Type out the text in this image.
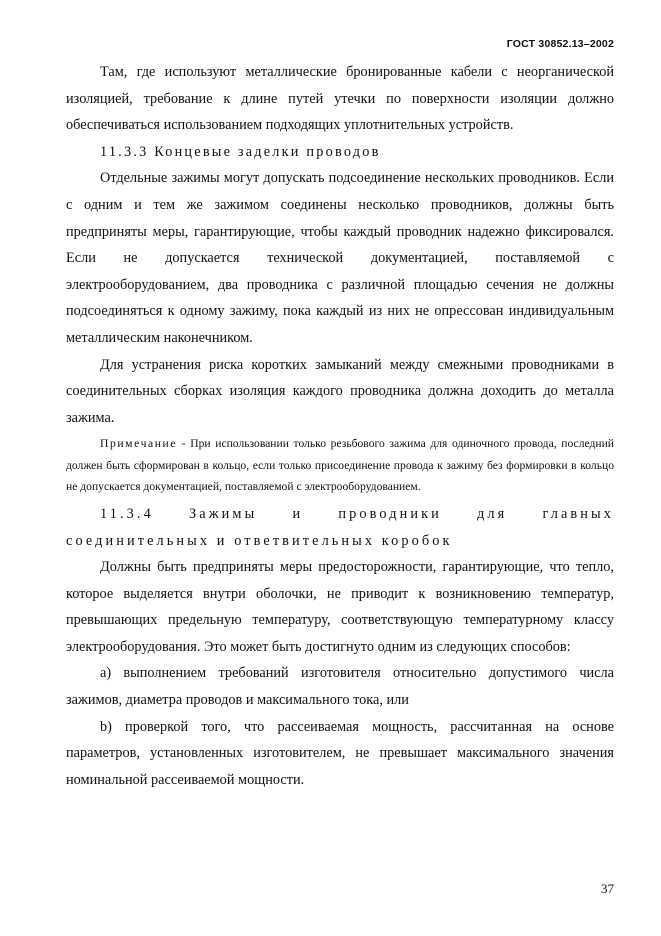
ГОСТ 30852.13–2002

Там, где используют металлические бронированные кабели с неорганической изоляцией, требование к длине путей утечки по поверхности изоляции должно обеспечиваться использованием подходящих уплотнительных устройств.

11.3.3 Концевые заделки проводов

Отдельные зажимы могут допускать подсоединение нескольких проводников. Если с одним и тем же зажимом соединены несколько проводников, должны быть предприняты меры, гарантирующие, чтобы каждый проводник надежно фиксировался. Если не допускается технической документацией, поставляемой с электрооборудованием, два проводника с различной площадью сечения не должны подсоединяться к одному зажиму, пока каждый из них не опрессован индивидуальным металлическим наконечником.

Для устранения риска коротких замыканий между смежными проводниками в соединительных сборках изоляция каждого проводника должна доходить до металла зажима.

Примечание - При использовании только резьбового зажима для одиночного провода, последний должен быть сформирован в кольцо, если только присоединение провода к зажиму без формировки в кольцо не допускается документацией, поставляемой с электрооборудованием.
11.3.4 Зажимы и проводники для главных соединительных и ответвительных коробок

Должны быть предприняты меры предосторожности, гарантирующие, что тепло, которое выделяется внутри оболочки, не приводит к возникновению температур, превышающих предельную температуру, соответствующую температурному классу электрооборудования. Это может быть достигнуто одним из следующих способов:

a) выполнением требований изготовителя относительно допустимого числа зажимов, диаметра проводов и максимального тока, или

b) проверкой того, что рассеиваемая мощность, рассчитанная на основе параметров, установленных изготовителем, не превышает максимального значения номинальной рассеиваемой мощности.

37
